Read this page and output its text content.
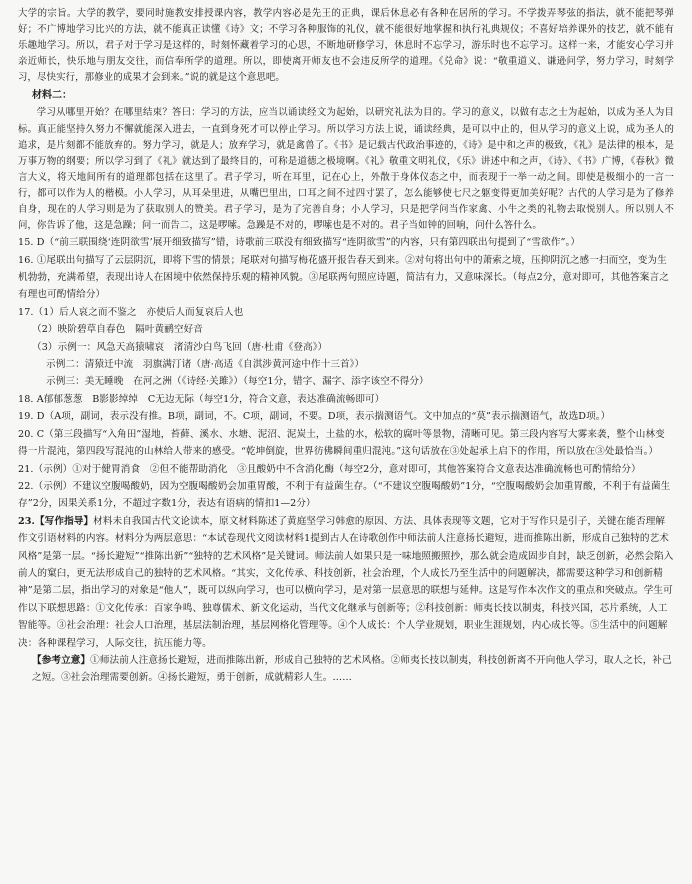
大学的宗旨。大学的教学，要同时施教安排授课内容，教学内容必是先王的正典，课后休息必有各种在居所的学习。不学拨弄琴弦的指法，就不能把琴弹好；不广博地学习比兴的方法，就不能真正读懂《诗》文；不学习各种服饰的礼仪，就不能很好地掌握和执行礼典规仪；不喜好培养课外的技艺，就不能有乐趣地学习。所以，君子对于学习是这样的，时刻怀藏着学习的心思，不断地研修学习，休息时不忘学习，游乐时也不忘学习。这样一来，才能安心学习并亲近师长，快乐地与朋友交往，而信奉所学的道理。所以，即使离开师友也不会违反所学的道理。《兑命》说：“敬重道义、谦逊问学，努力学习，时刻学习，尽快实行，那修业的成果才会到来。”说的就是这个意思吧。

材料二：

学习从哪里开始？在哪里结束？答曰：学习的方法，应当以诵读经文为起始，以研究礼法为目的。学习的意义，以做有志之士为起始，以成为圣人为目标。真正能坚持久努力不懈就能深入进去，一直到身死才可以停止学习。所以学习方法上说，诵读经典，是可以中止的，但从学习的意义上说，成为圣人的追求，是片刻都不能放弃的。努力学习，就是人；放弃学习，就是禽兽了。《书》是记载古代政治事迹的，《诗》是中和之声的极致，《礼》是法律的根本，是万事万物的纲要；所以学习到了《礼》就达到了最终目的，可称是道德之极境啊。《礼》敬重文明礼仪，《乐》讲述中和之声，《诗》、《书》广博，《春秋》微言大义，将天地间所有的道理都包括在这里了。君子学习，听在耳里，记在心上，外散于身体仪态之中，而表现于一举一动之间。即使是极细小的一言一行，都可以作为人的楷模。小人学习，从耳朵里进，从嘴巴里出，口耳之间不过四寸罢了，怎么能够使七尺之躯变得更加美好呢？古代的人学习是为了修养自身，现在的人学习则是为了获取别人的赞美。君子学习，是为了完善自身；小人学习，只是把学问当作家禽、小牛之类的礼物去取悦别人。所以别人不问，你告诉了他，这是急躁；问一而告二，这是啰嗦。急躁是不对的，啰嗦也是不对的。君子当如钟的回响，问什么答什么。

15. D（“前三联围绕‘连阴欲雪’展开细致描写”错，诗歌前三联没有细致描写“连阴欲雪”的内容，只有第四联出句提到了“雪欲作”。）

16. ①尾联出句描写了云层阴沉，即将下雪的情景；尾联对句描写梅花盛开报告春天到来。②对句将出句中的萧索之境，压抑阴沉之感一扫而空，变为生机勃勃，充满希望，表现出诗人在困境中依然保持乐观的精神风貌。③尾联两句照应诗题，简洁有力，又意味深长。（每点2分，意对即可，其他答案言之有理也可酌情给分）

17.（1）后人哀之而不鉴之　亦使后人而复哀后人也

（2）映阶碧草自春色　隔叶黄鹂空好音

（3）示例一：风急天高猿啸哀　渚清沙白鸟飞回（唐·杜甫《登高》）

示例二：清猿迁中流　羽旗满汀诸（唐·高适《自淇涉黄河途中作十三首》）

示例三：美无睡晚　在河之洲（《诗经·关雎》）（每空1分，错字、漏字、添字该空不得分）

18. A郁郁葱葱　B影影绰绰　C无边无际（每空1分，符合文意，表达准确流畅即可）

19. D（A项，副词，表示没有推。B项，副词，不。C项，副词，不要。D项，表示揣测语气。文中加点的“莫”表示揣测语气，故选D项。）

20. C（第三段描写“入角田”湿地，苔藓、溪水、水塘、泥沼、泥炭土，土盐的水，松软的腐叶等景物，清晰可见。第三段内容写大雾来袭，整个山林变得一片混沌，第四段写混沌的山林给人带来的感受。“乾坤倒旋，世界彷佛瞬间重归混沌。”这句话放在③处起承上启下的作用，所以放在③处最恰当。）

21.（示例）①对于健胃消食　②但不能帮助消化　③且酸奶中不含消化酶（每空2分，意对即可，其他答案符合文意表达准确流畅也可酌情给分）

22.（示例）不建议空腹喝酸奶，因为空腹喝酸奶会加重胃酸，不利于有益菌生存。（“不建议空腹喝酸奶”1分，“空腹喝酸奶会加重胃酸，不利于有益菌生存”2分，因果关系1分，不超过字数1分，表达有语病的情扣1—2分）

23.【写作指导】材料未自我国古代文论读本，原文材料陈述了黄庭坚学习韩愈的原因、方法、具体表现等文题，它对于写作只是引子，关键在能否理解作文引语材料的内容。材料分为两层意思：“本试卷现代文阅读材料1提到古人在诗歌创作中师法前人注意扬长避短，进而推陈出新，形成自己独特的艺术风格”是第一层。“扬长避短”“推陈出新”“独特的艺术风格”是关键词。师法前人如果只是一味地照搬照抄，那么就会造成固步自封，缺乏创新，必然会陷入前人的窠臼，更无法形成自己的独特的艺术风格。“其实，文化传承、科技创新，社会治理，个人成长乃至生活中的问题解决，都需要这种学习和创新精神”是第二层，指出学习的对象是“他人”，既可以纵向学习，也可以横向学习，是对第一层意思的联想与延伸。这是写作本次作文的重点和突破点。学生可作以下联想思路：①文化传承：百家争鸣、独尊儒术、新文化运动，当代文化继承与创新等；②科技创新：师夷长技以制夷，科技兴国，芯片系统，人工智能等。③社会治理：社会人口治理，基层法制治理，基层网格化管理等。④个人成长：个人学业规划，职业生涯规划，内心成长等。⑤生活中的问题解决：各种课程学习，人际交往，抗压能力等。

【参考立意】①师法前人注意扬长避短，进而推陈出新，形成自己独特的艺术风格。②师夷长技以制夷，科技创新离不开向他人学习，取人之长，补己之短。③社会治理需要创新。④扬长避短，勇于创新，成就精彩人生。……
